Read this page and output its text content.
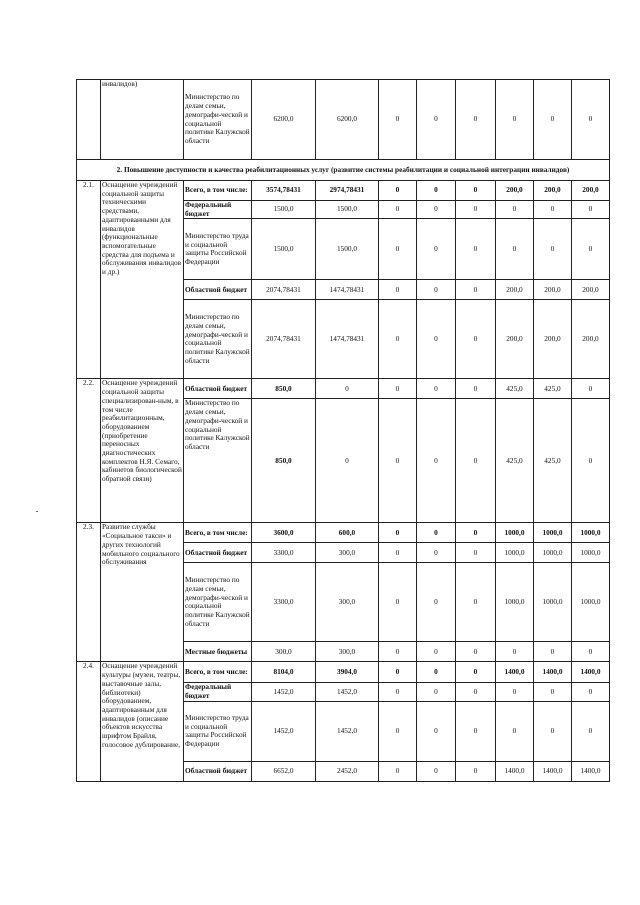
	инвалидов)	Министерство по делам семьи, демографи-ческой и социальной политике Калужской области	6200,0	6200,0	0	0	0	0	0	0
2. Повышение доступности и качества реабилитационных услуг (развитие системы реабилитации и социальной интеграции инвалидов)										
2.1.	Оснащение учреждений социальной защиты техническими средствами, адаптированными для инвалидов (функциональные вспомогательные средства для подъема и обслуживания инвалидов и др.)	Всего, в том числе:	3574,78431	2974,78431	0	0	0	200,0	200,0	200,0
		Федеральный бюджет	1500,0	1500,0	0	0	0	0	0	0
		Министерство труда и социальной защиты Российской Федерации	1500,0	1500,0	0	0	0	0	0	0
		Областной бюджет	2074,78431	1474,78431	0	0	0	200,0	200,0	200,0
		Министерство по делам семьи, демографи-ческой и социальной политике Калужской области	2074,78431	1474,78431	0	0	0	200,0	200,0	200,0
2.2.	Оснащение учреждений социальной защиты специализирован-ным, в том числе реабилитационным, оборудованием (приобретение переносных диагностических комплектов Н.Я. Семаго, кабинетов биологической обратной связи)	Областной бюджет	850,0	0	0	0	0	425,0	425,0	0
		Министерство по делам семьи, демографи-ческой и социальной политике Калужской области	850,0	0	0	0	0	425,0	425,0	0
2.3.	Развитие службы «Социальное такси» и других технологий мобильного социального обслуживания	Всего, в том числе:	3600,0	600,0	0	0	0	1000,0	1000,0	1000,0
		Областной бюджет	3300,0	300,0	0	0	0	1000,0	1000,0	1000,0
		Министерство по делам семьи, демографи-ческой и социальной политике Калужской области	3300,0	300,0	0	0	0	1000,0	1000,0	1000,0
		Местные бюджеты	300,0	300,0	0	0	0	0	0	0
2.4.	Оснащение учреждений культуры (музеи, театры, выставочные залы, библиотеки) оборудованием, адаптированным для инвалидов (описание объектов искусства шрифтом Брайля, голосовое дублирование,	Всего, в том числе:	8104,0	3904,0	0	0	0	1400,0	1400,0	1400,0
		Федеральный бюджет	1452,0	1452,0	0	0	0	0	0	0
		Министерство труда и социальной защиты Российской Федерации	1452,0	1452,0	0	0	0	0	0	0
		Областной бюджет	6652,0	2452,0	0	0	0	1400,0	1400,0	1400,0
